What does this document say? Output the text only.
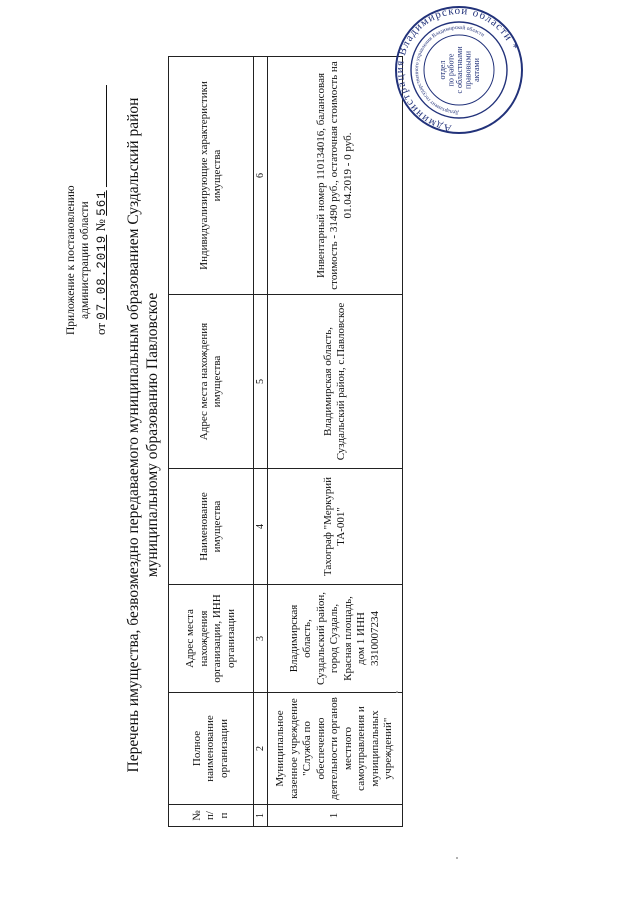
Приложение к постановлению администрации области
от 07.08.2019 № 561 Перечень имущества, безвозмездно передаваемого муниципальным образованием Суздальский район муниципальному образованию Павловское
№ п/п	Полное наименование организации	Адрес места нахождения организации, ИНН организации	Наименование имущества	Адрес места нахождения имущества	Индивидуализирующие характеристики имущества
1	2	3	4	5	6
1	Муниципальное казенное учреждение "Служба по обеспечению деятельности органов местного самоуправления и муниципальных учреждений"	Владимирская область, Суздальский район, город Суздаль, Красная площадь, дом 1 ИНН 3310007234	Тахограф "Меркурий ТА-001"	Владимирская область, Суздальский район, с.Павловское	Инвентарный номер 110134016, балансовая стоимость - 31490 руб., остаточная стоимость на 01.04.2019 - 0 руб.
Администрация Владимирской области *
Департамент государственного управления Владимирской области
отдел по работе с областными правовыми актами
